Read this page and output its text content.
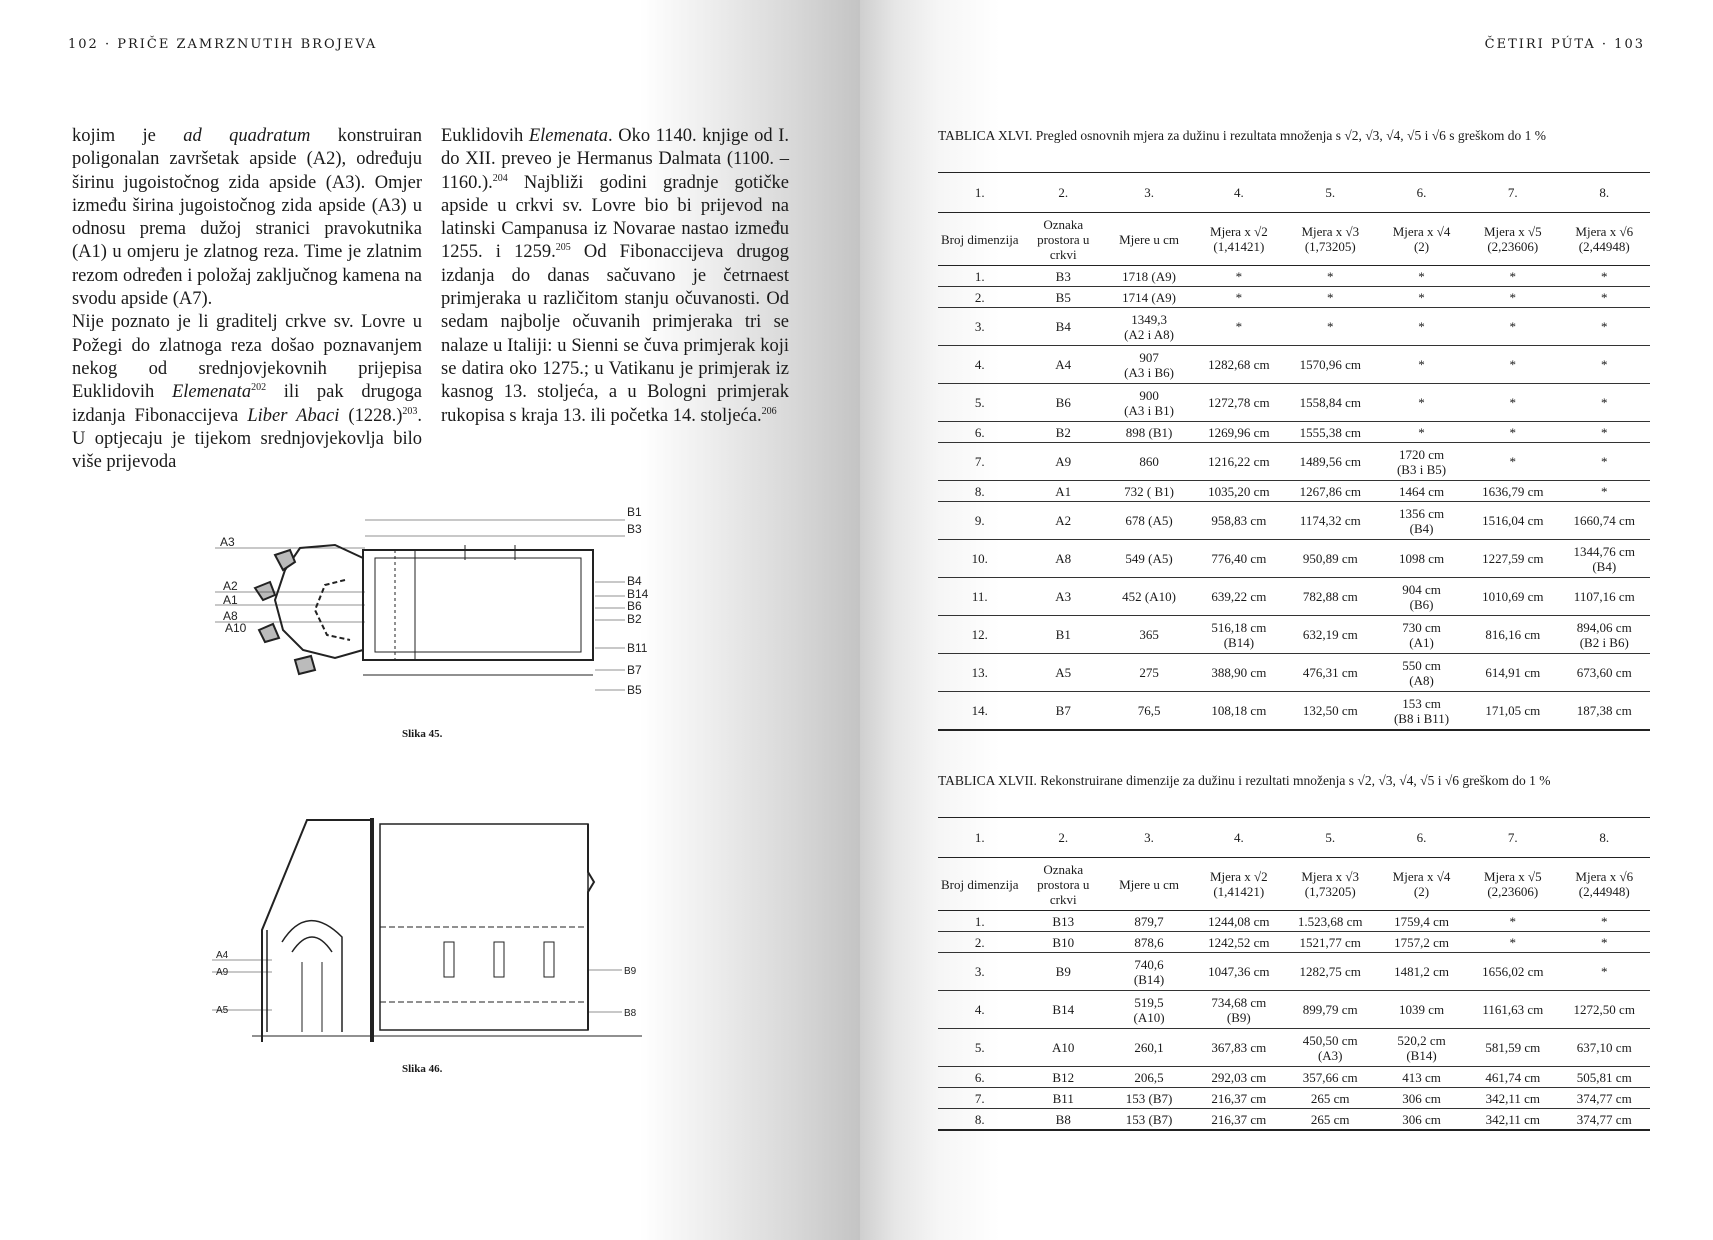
102 · PRIČE ZAMRZNUTIH BROJEVA

kojim je ad quadratum konstruiran poligonalan završetak apside (A2), određuju širinu jugoistočnog zida apside (A3). Omjer između širina jugoistočnog zida apside (A3) u odnosu prema dužoj stranici pravokutnika (A1) u omjeru je zlatnog reza. Time je zlatnim rezom određen i položaj zaključnog kamena na svodu apside (A7).

Nije poznato je li graditelj crkve sv. Lovre u Požegi do zlatnoga reza došao poznavanjem nekog od srednjovjekovnih prijepisa Euklidovih Elemenata$^{202}$ ili pak drugoga izdanja Fibonaccijeva Liber Abaci $(1228.)^{203}$. U optjecaju je tijekom srednjovjekovlja bilo više prijevoda

Euklidovih Elemenata. Oko 1140. knjige od I. do XII. preveo je Hermanus Dalmata (1100. – 1160.).$^{204}$ Najbliži godini gradnje gotičke apside u crkvi sv. Lovre bio bi prijevod na latinski Campanusa iz Novarae nastao između 1255. i 1259.$^{205}$ Od Fibonaccijeva drugog izdanja do danas sačuvano je četrnaest primjeraka u različitom stanju očuvanosti. Od sedam najbolje očuvanih primjeraka tri se nalaze u Italiji: u Sienni se čuva primjerak koji se datira oko 1275.; u Vatikanu je primjerak iz kasnog 13. stoljeća, a u Bologni primjerak rukopisa s kraja 13. ili početka 14. stoljeća.$^{206}$

A3
A2
A1
A8
A10
B1
B3
B4
B14
B6
B2
B11
B7
B5
Slika 45.
A4
A9
A5
B9
B8
Slika 46.
ČETIRI PÚTA · 103
TABLICA XLVI. Pregled osnovnih mjera za dužinu i rezultata množenja s √2, √3, √4, √5 i √6 s greškom do 1 %
1.	2.	3.	4.	5.	6.	7.	8.
Broj dimenzija	Oznaka prostora u crkvi	Mjere u cm	Mjera x √2
(1,41421)	Mjera x √3
(1,73205)	Mjera x √4
(2)	Mjera x √5
(2,23606)	Mjera x √6
(2,44948)
1.	B3	1718 (A9)	*	*	*	*	*
2.	B5	1714 (A9)	*	*	*	*	*
3.	B4	1349,3
(A2 i A8)	*	*	*	*	*
4.	A4	907
(A3 i B6)	1282,68 cm	1570,96 cm	*	*	*
5.	B6	900
(A3 i B1)	1272,78 cm	1558,84 cm	*	*	*
6.	B2	898 (B1)	1269,96 cm	1555,38 cm	*	*	*
7.	A9	860	1216,22 cm	1489,56 cm	1720 cm
(B3 i B5)	*	*
8.	A1	732 ( B1)	1035,20 cm	1267,86 cm	1464 cm	1636,79 cm	*
9.	A2	678 (A5)	958,83 cm	1174,32 cm	1356 cm
(B4)	1516,04 cm	1660,74 cm
10.	A8	549 (A5)	776,40 cm	950,89 cm	1098 cm	1227,59 cm	1344,76 cm
(B4)
11.	A3	452 (A10)	639,22 cm	782,88 cm	904 cm
(B6)	1010,69 cm	1107,16 cm
12.	B1	365	516,18 cm
(B14)	632,19 cm	730 cm
(A1)	816,16 cm	894,06 cm
(B2 i B6)
13.	A5	275	388,90 cm	476,31 cm	550 cm
(A8)	614,91 cm	673,60 cm
14.	B7	76,5	108,18 cm	132,50 cm	153 cm
(B8 i B11)	171,05 cm	187,38 cm
TABLICA XLVII. Rekonstruirane dimenzije za dužinu i rezultati množenja s √2, √3, √4, √5 i √6 greškom do 1 %
1.	2.	3.	4.	5.	6.	7.	8.
Broj dimenzija	Oznaka prostora u crkvi	Mjere u cm	Mjera x √2
(1,41421)	Mjera x √3
(1,73205)	Mjera x √4
(2)	Mjera x √5
(2,23606)	Mjera x √6
(2,44948)
1.	B13	879,7	1244,08 cm	1.523,68 cm	1759,4 cm	*	*
2.	B10	878,6	1242,52 cm	1521,77 cm	1757,2 cm	*	*
3.	B9	740,6
(B14)	1047,36 cm	1282,75 cm	1481,2 cm	1656,02 cm	*
4.	B14	519,5
(A10)	734,68 cm
(B9)	899,79 cm	1039 cm	1161,63 cm	1272,50 cm
5.	A10	260,1	367,83 cm	450,50 cm
(A3)	520,2 cm
(B14)	581,59 cm	637,10 cm
6.	B12	206,5	292,03 cm	357,66 cm	413 cm	461,74 cm	505,81 cm
7.	B11	153 (B7)	216,37 cm	265 cm	306 cm	342,11 cm	374,77 cm
8.	B8	153 (B7)	216,37 cm	265 cm	306 cm	342,11 cm	374,77 cm
